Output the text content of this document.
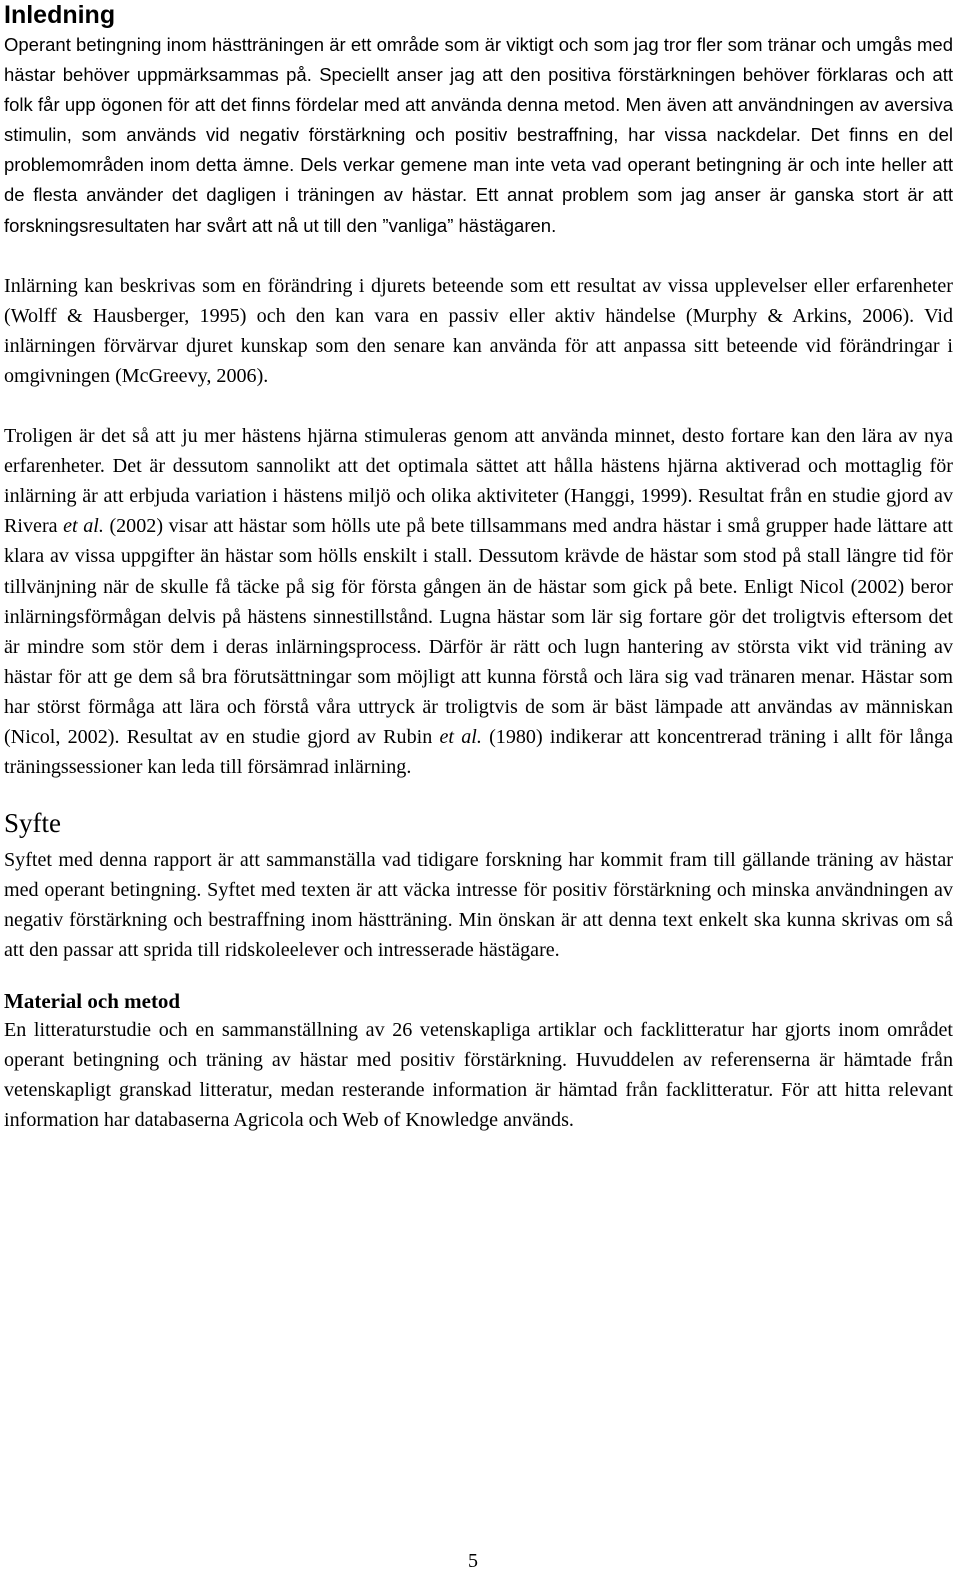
Inledning

Operant betingning inom hästträningen är ett område som är viktigt och som jag tror fler som tränar och umgås med hästar behöver uppmärksammas på. Speciellt anser jag att den positiva förstärkningen behöver förklaras och att folk får upp ögonen för att det finns fördelar med att använda denna metod. Men även att användningen av aversiva stimulin, som används vid negativ förstärkning och positiv bestraffning, har vissa nackdelar. Det finns en del problemområden inom detta ämne. Dels verkar gemene man inte veta vad operant betingning är och inte heller att de flesta använder det dagligen i träningen av hästar. Ett annat problem som jag anser är ganska stort är att forskningsresultaten har svårt att nå ut till den ”vanliga” hästägaren.

Inlärning kan beskrivas som en förändring i djurets beteende som ett resultat av vissa upplevelser eller erfarenheter (Wolff & Hausberger, 1995) och den kan vara en passiv eller aktiv händelse (Murphy & Arkins, 2006). Vid inlärningen förvärvar djuret kunskap som den senare kan använda för att anpassa sitt beteende vid förändringar i omgivningen (McGreevy, 2006).

Troligen är det så att ju mer hästens hjärna stimuleras genom att använda minnet, desto fortare kan den lära av nya erfarenheter. Det är dessutom sannolikt att det optimala sättet att hålla hästens hjärna aktiverad och mottaglig för inlärning är att erbjuda variation i hästens miljö och olika aktiviteter (Hanggi, 1999). Resultat från en studie gjord av Rivera et al. (2002) visar att hästar som hölls ute på bete tillsammans med andra hästar i små grupper hade lättare att klara av vissa uppgifter än hästar som hölls enskilt i stall. Dessutom krävde de hästar som stod på stall längre tid för tillvänjning när de skulle få täcke på sig för första gången än de hästar som gick på bete. Enligt Nicol (2002) beror inlärningsförmågan delvis på hästens sinnestillstånd. Lugna hästar som lär sig fortare gör det troligtvis eftersom det är mindre som stör dem i deras inlärningsprocess. Därför är rätt och lugn hantering av största vikt vid träning av hästar för att ge dem så bra förutsättningar som möjligt att kunna förstå och lära sig vad tränaren menar. Hästar som har störst förmåga att lära och förstå våra uttryck är troligtvis de som är bäst lämpade att användas av människan (Nicol, 2002). Resultat av en studie gjord av Rubin et al. (1980) indikerar att koncentrerad träning i allt för långa träningssessioner kan leda till försämrad inlärning.

Syfte

Syftet med denna rapport är att sammanställa vad tidigare forskning har kommit fram till gällande träning av hästar med operant betingning. Syftet med texten är att väcka intresse för positiv förstärkning och minska användningen av negativ förstärkning och bestraffning inom hästträning. Min önskan är att denna text enkelt ska kunna skrivas om så att den passar att sprida till ridskoleelever och intresserade hästägare.

Material och metod

En litteraturstudie och en sammanställning av 26 vetenskapliga artiklar och facklitteratur har gjorts inom området operant betingning och träning av hästar med positiv förstärkning. Huvuddelen av referenserna är hämtade från vetenskapligt granskad litteratur, medan resterande information är hämtad från facklitteratur. För att hitta relevant information har databaserna Agricola och Web of Knowledge används.

5
